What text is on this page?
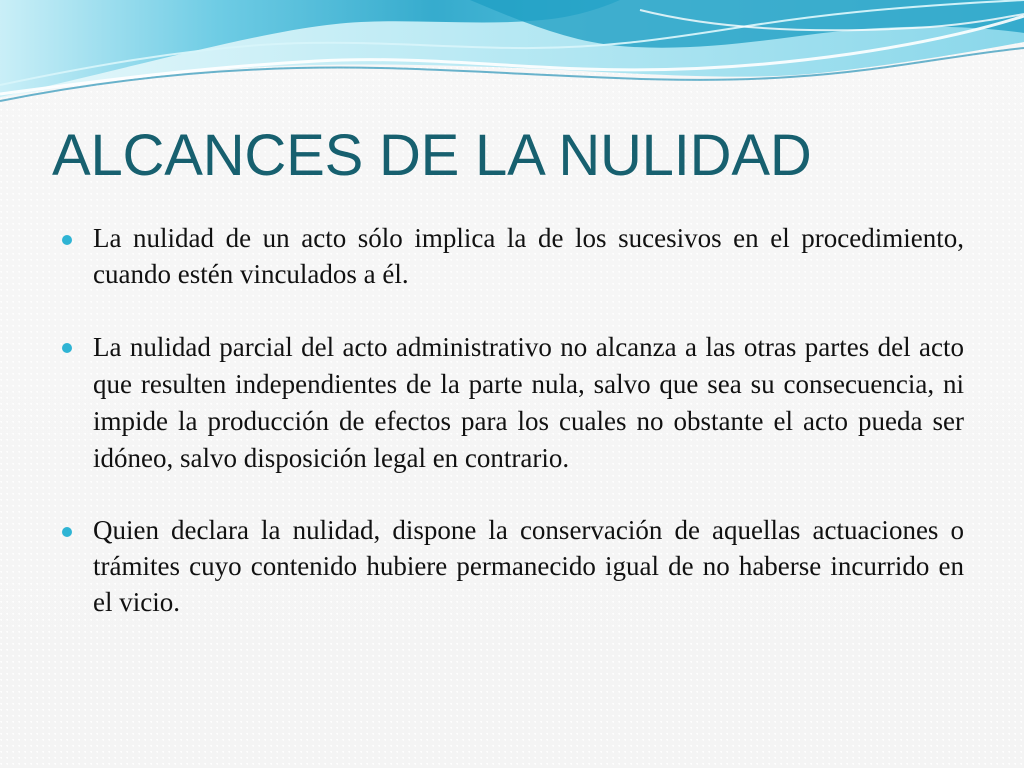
ALCANCES DE LA NULIDAD

La nulidad de un acto sólo implica la de los sucesivos en el procedimiento, cuando estén vinculados a él.

La nulidad parcial del acto administrativo no alcanza a las otras partes del acto que resulten independientes de la parte nula, salvo que sea su consecuencia, ni impide la producción de efectos para los cuales no obstante el acto pueda ser idóneo, salvo disposición legal en contrario.

Quien declara la nulidad, dispone la conservación de aquellas actuaciones o trámites cuyo contenido hubiere permanecido igual de no haberse incurrido en el vicio.
